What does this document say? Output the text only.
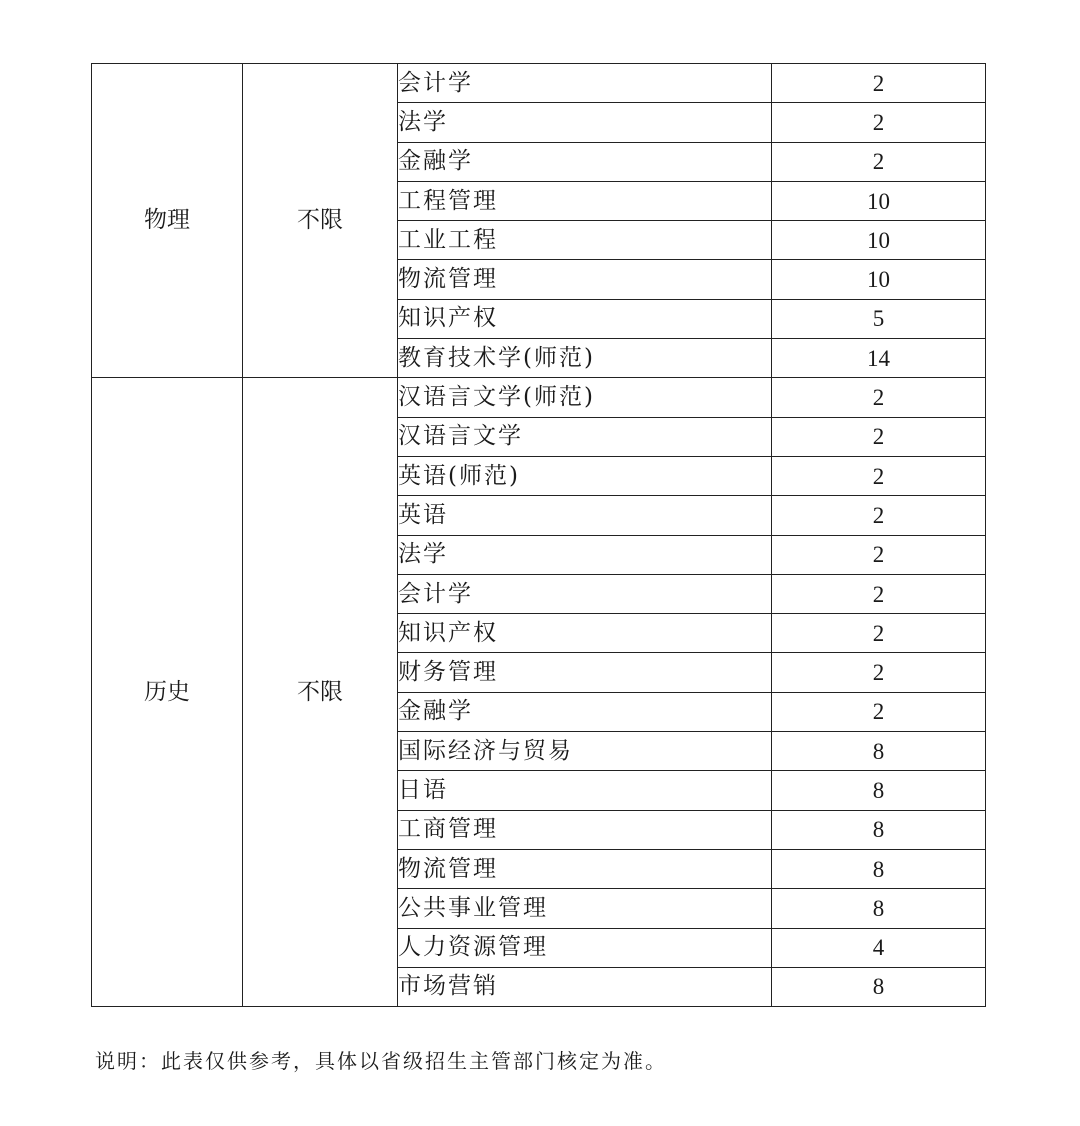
物理	不限	会计学	2
		法学	2
		金融学	2
		工程管理	10
		工业工程	10
		物流管理	10
		知识产权	5
		教育技术学(师范)	14
历史	不限	汉语言文学(师范)	2
		汉语言文学	2
		英语(师范)	2
		英语	2
		法学	2
		会计学	2
		知识产权	2
		财务管理	2
		金融学	2
		国际经济与贸易	8
		日语	8
		工商管理	8
		物流管理	8
		公共事业管理	8
		人力资源管理	4
		市场营销	8
说明：此表仅供参考，具体以省级招生主管部门核定为准。
